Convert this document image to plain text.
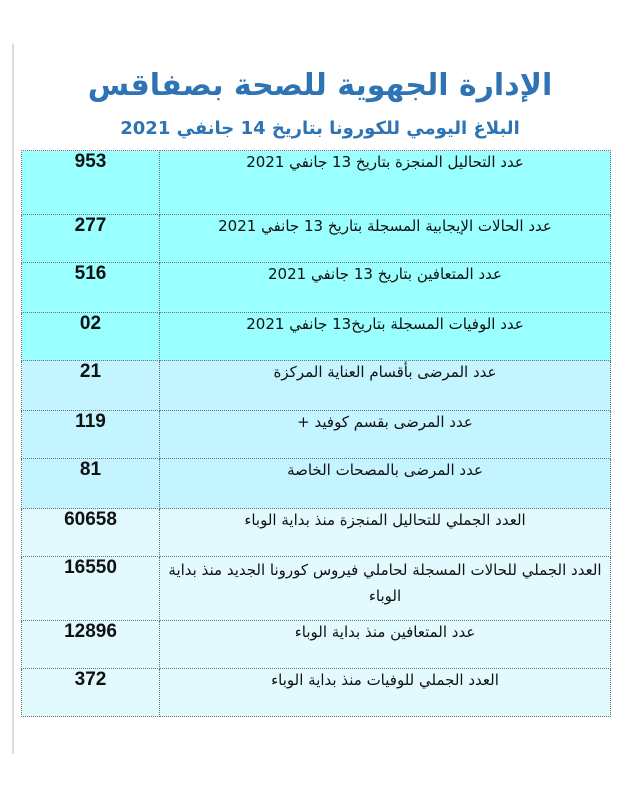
الإدارة الجهوية للصحة بصفاقس
البلاغ اليومي للكورونا بتاريخ 14 جانفي 2021
953	عدد التحاليل المنجزة بتاريخ 13 جانفي 2021
277	عدد الحالات الإيجابية المسجلة بتاريخ 13 جانفي 2021
516	عدد المتعافين بتاريخ 13 جانفي 2021
02	عدد الوفيات المسجلة بتاريخ13 جانفي 2021
21	عدد المرضى بأقسام العناية المركزة
119	عدد المرضى بقسم كوفيد +
81	عدد المرضى بالمصحات الخاصة
60658	العدد الجملي للتحاليل المنجزة منذ بداية الوباء
16550	العدد الجملي للحالات المسجلة لحاملي فيروس كورونا الجديد منذ بداية الوباء
12896	عدد المتعافين منذ بداية الوباء
372	العدد الجملي للوفيات منذ بداية الوباء
